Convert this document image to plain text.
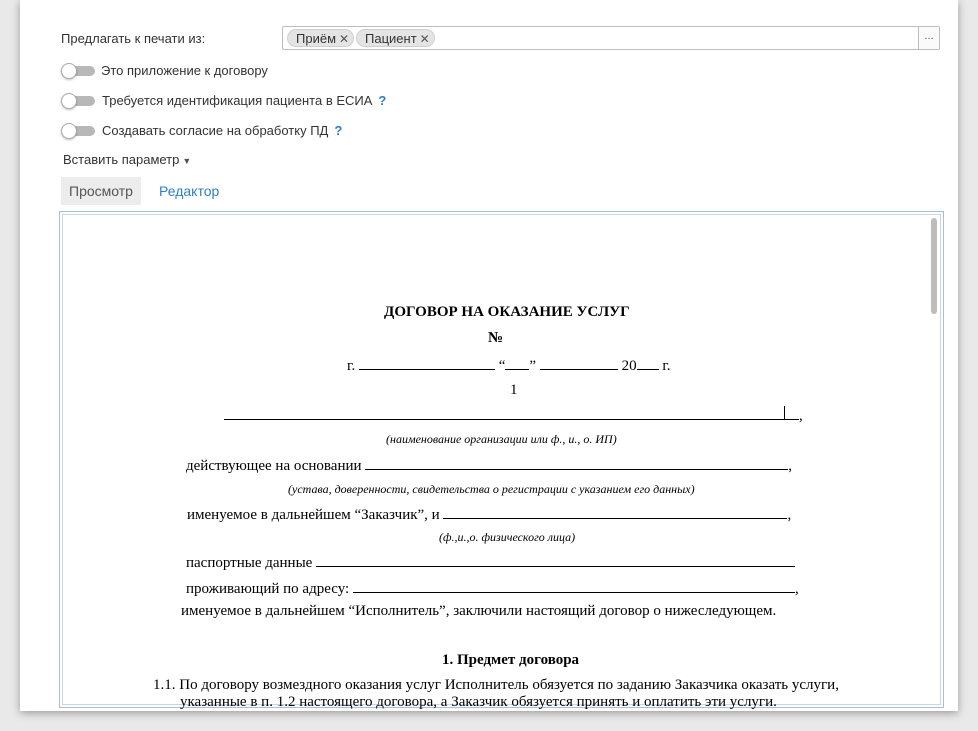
Предлагать к печати из:	Приём ✕	Пациент ✕	...
Это приложение к договору
Требуется идентификация пациента в ЕСИА ?
Создавать согласие на обработку ПД ?
Вставить параметр ▼
Просмотр	Редактор
ДОГОВОР НА ОКАЗАНИЕ УСЛУГ
№
г.	“ ”	20 г.
1
,
(наименование организации или ф., и., о. ИП)
действующее на основании	,
(устава, доверенности, свидетельства о регистрации с указанием его данных)
именуемое в дальнейшем “Заказчик”, и	,
(ф.,и.,о. физического лица)
паспортные данные
проживающий по адресу:	,
именуемое в дальнейшем “Исполнитель”, заключили настоящий договор о нижеследующем.
1. Предмет договора
1.1. По договору возмездного оказания услуг Исполнитель обязуется по заданию Заказчика оказать услуги,
указанные в п. 1.2 настоящего договора, а Заказчик обязуется принять и оплатить эти услуги.
